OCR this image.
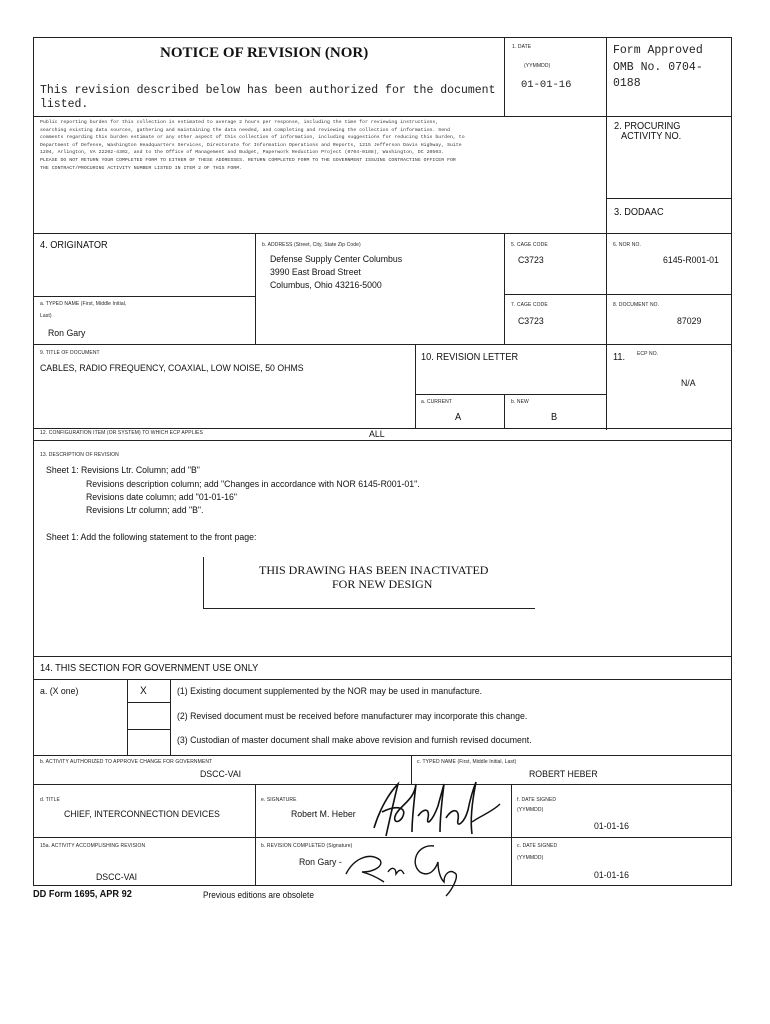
NOTICE OF REVISION (NOR)
This revision described below has been authorized for the document listed.
1. DATE
(YYMMDD)
01-01-16
Form Approved
OMB No. 0704-
0188
Public reporting burden for this collection is estimated to average 2 hours per response, including the time for reviewing instructions,
searching existing data sources, gathering and maintaining the data needed, and completing and reviewing the collection of information. Send
comments regarding this burden estimate or any other aspect of this collection of information, including suggestions for reducing this burden, to
Department of Defense, Washington Headquarters Services, Directorate for Information Operations and Reports, 1215 Jefferson Davis Highway, Suite
1204, Arlington, VA 22202-4302, and to the Office of Management and Budget, Paperwork Reduction Project (0704-0188), Washington, DC 20503.
PLEASE DO NOT RETURN YOUR COMPLETED FORM TO EITHER OF THESE ADDRESSES. RETURN COMPLETED FORM TO THE GOVERNMENT ISSUING CONTRACTING OFFICER FOR
THE CONTRACT/PROCURING ACTIVITY NUMBER LISTED IN ITEM 2 OF THIS FORM.
2. PROCURING
ACTIVITY NO.
3. DODAAC
4. ORIGINATOR	b. ADDRESS (Street, City, State Zip Code)
Defense Supply Center Columbus
3990 East Broad Street
Columbus, Ohio 43216-5000
a. TYPED NAME (First, Middle Initial,
Last)
Ron Gary
5. CAGE CODE
C3723
6. NOR NO.
6145-R001-01
7. CAGE CODE
C3723
8. DOCUMENT NO.
87029
9. TITLE OF DOCUMENT
CABLES, RADIO FREQUENCY, COAXIAL, LOW NOISE, 50 OHMS
10. REVISION LETTER	11. ECP NO.
N/A
a. CURRENT
A
b. NEW
B
12. CONFIGURATION ITEM (OR SYSTEM) TO WHICH ECP APPLIES	ALL
13. DESCRIPTION OF REVISION
Sheet 1: Revisions Ltr. Column; add "B"
Revisions description column; add "Changes in accordance with NOR 6145-R001-01".
Revisions date column; add "01-01-16"
Revisions Ltr column; add "B".
Sheet 1: Add the following statement to the front page:
THIS DRAWING HAS BEEN INACTIVATED
FOR NEW DESIGN
14. THIS SECTION FOR GOVERNMENT USE ONLY
a. (X one)	X	(1) Existing document supplemented by the NOR may be used in manufacture.
(2) Revised document must be received before manufacturer may incorporate this change.
(3) Custodian of master document shall make above revision and furnish revised document.
b. ACTIVITY AUTHORIZED TO APPROVE CHANGE FOR GOVERNMENT
DSCC-VAI
c. TYPED NAME (First, Middle Initial, Last)
ROBERT HEBER
d. TITLE
CHIEF, INTERCONNECTION DEVICES
e. SIGNATURE
Robert M. Heber
f. DATE SIGNED
(YYMMDD)
01-01-16
15a. ACTIVITY ACCOMPLISHING REVISION
DSCC-VAI
b. REVISION COMPLETED (Signature)
Ron Gary -
c. DATE SIGNED
(YYMMDD)
01-01-16
DD Form 1695, APR 92	Previous editions are obsolete
